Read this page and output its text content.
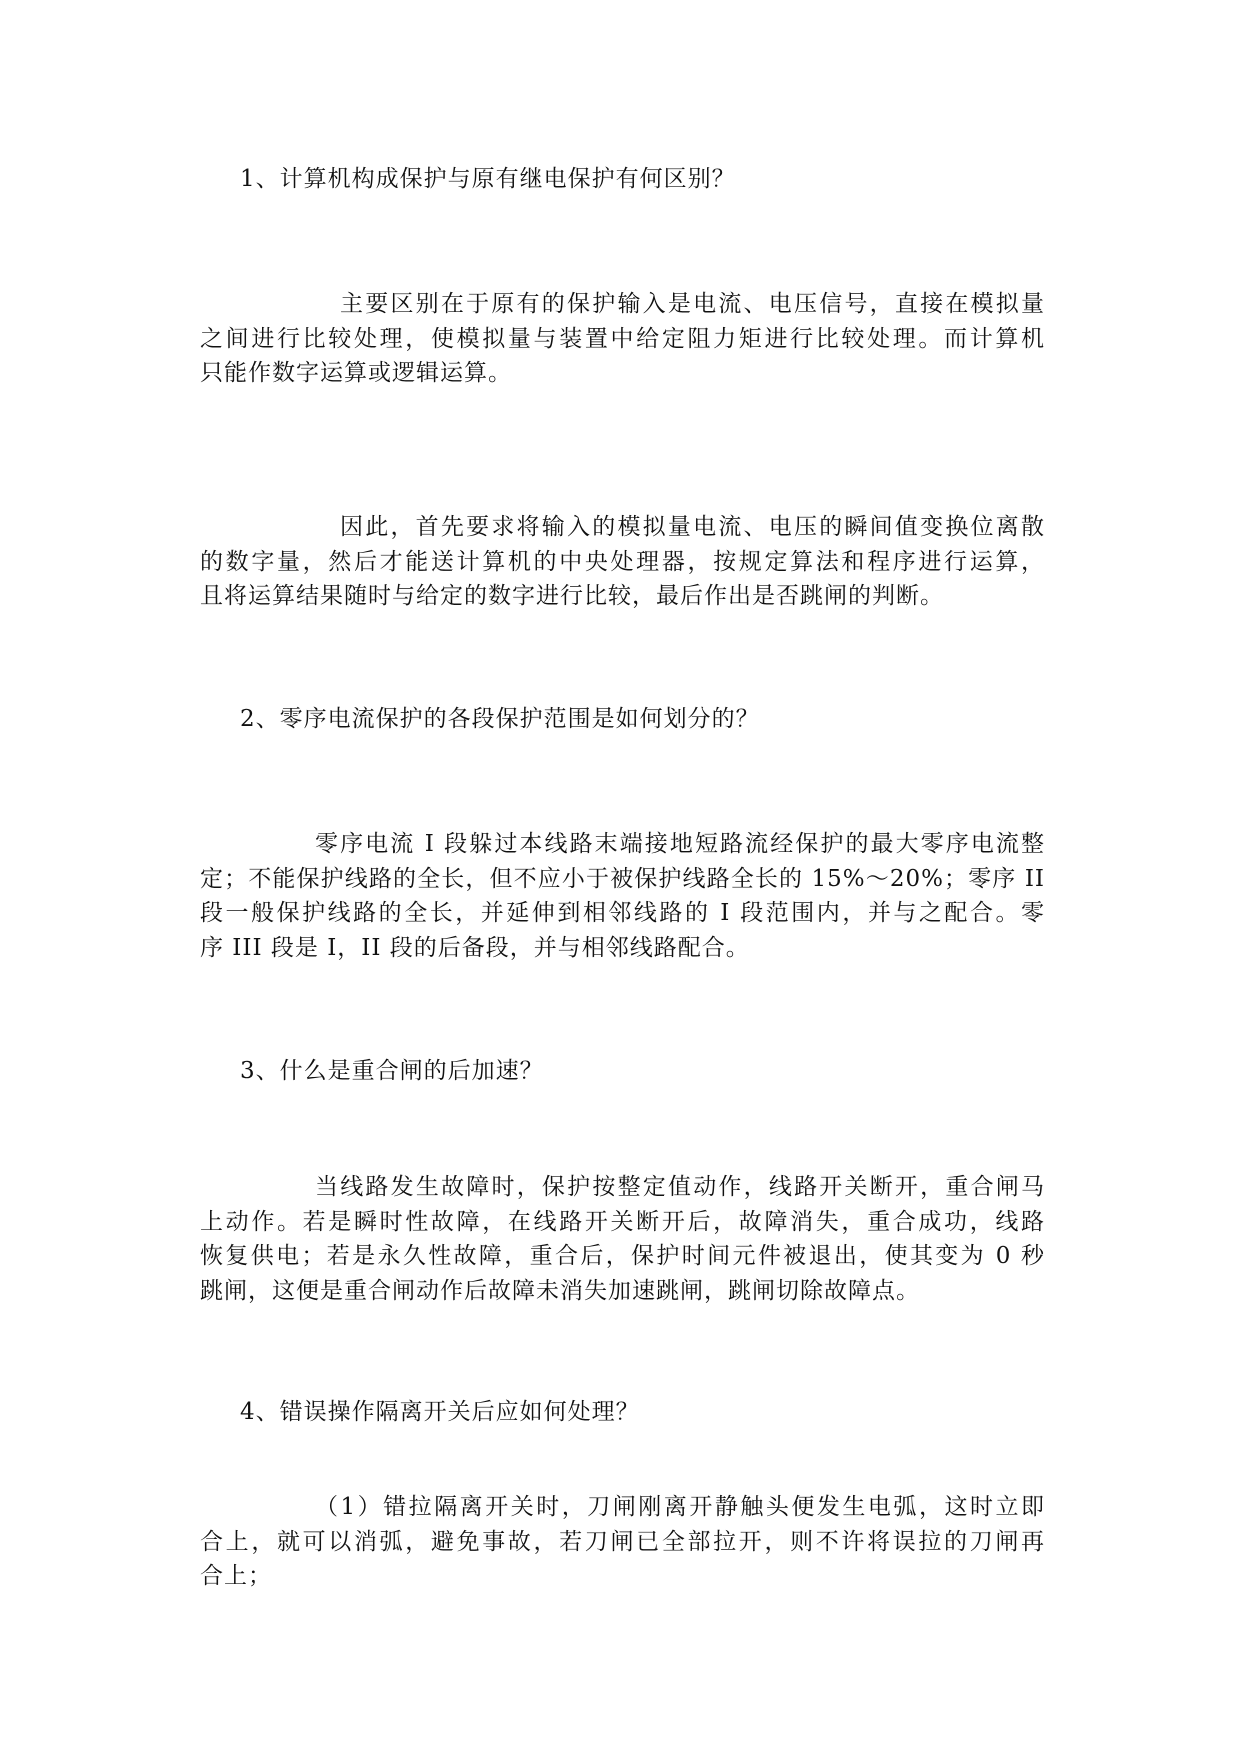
1、计算机构成保护与原有继电保护有何区别？
主要区别在于原有的保护输入是电流、电压信号，直接在模拟量
之间进行比较处理，使模拟量与装置中给定阻力矩进行比较处理。而计算机
只能作数字运算或逻辑运算。
因此，首先要求将输入的模拟量电流、电压的瞬间值变换位离散
的数字量，然后才能送计算机的中央处理器，按规定算法和程序进行运算，
且将运算结果随时与给定的数字进行比较，最后作出是否跳闸的判断。
2、零序电流保护的各段保护范围是如何划分的？
零序电流 I 段躲过本线路末端接地短路流经保护的最大零序电流整
定；不能保护线路的全长，但不应小于被保护线路全长的 15%～20%；零序 II
段一般保护线路的全长，并延伸到相邻线路的 I 段范围内，并与之配合。零
序 III 段是 I，II 段的后备段，并与相邻线路配合。
3、什么是重合闸的后加速？
当线路发生故障时，保护按整定值动作，线路开关断开，重合闸马
上动作。若是瞬时性故障，在线路开关断开后，故障消失，重合成功，线路
恢复供电；若是永久性故障，重合后，保护时间元件被退出，使其变为 0 秒
跳闸，这便是重合闸动作后故障未消失加速跳闸，跳闸切除故障点。
4、错误操作隔离开关后应如何处理？
（1）错拉隔离开关时，刀闸刚离开静触头便发生电弧，这时立即
合上，就可以消弧，避免事故，若刀闸已全部拉开，则不许将误拉的刀闸再
合上；
